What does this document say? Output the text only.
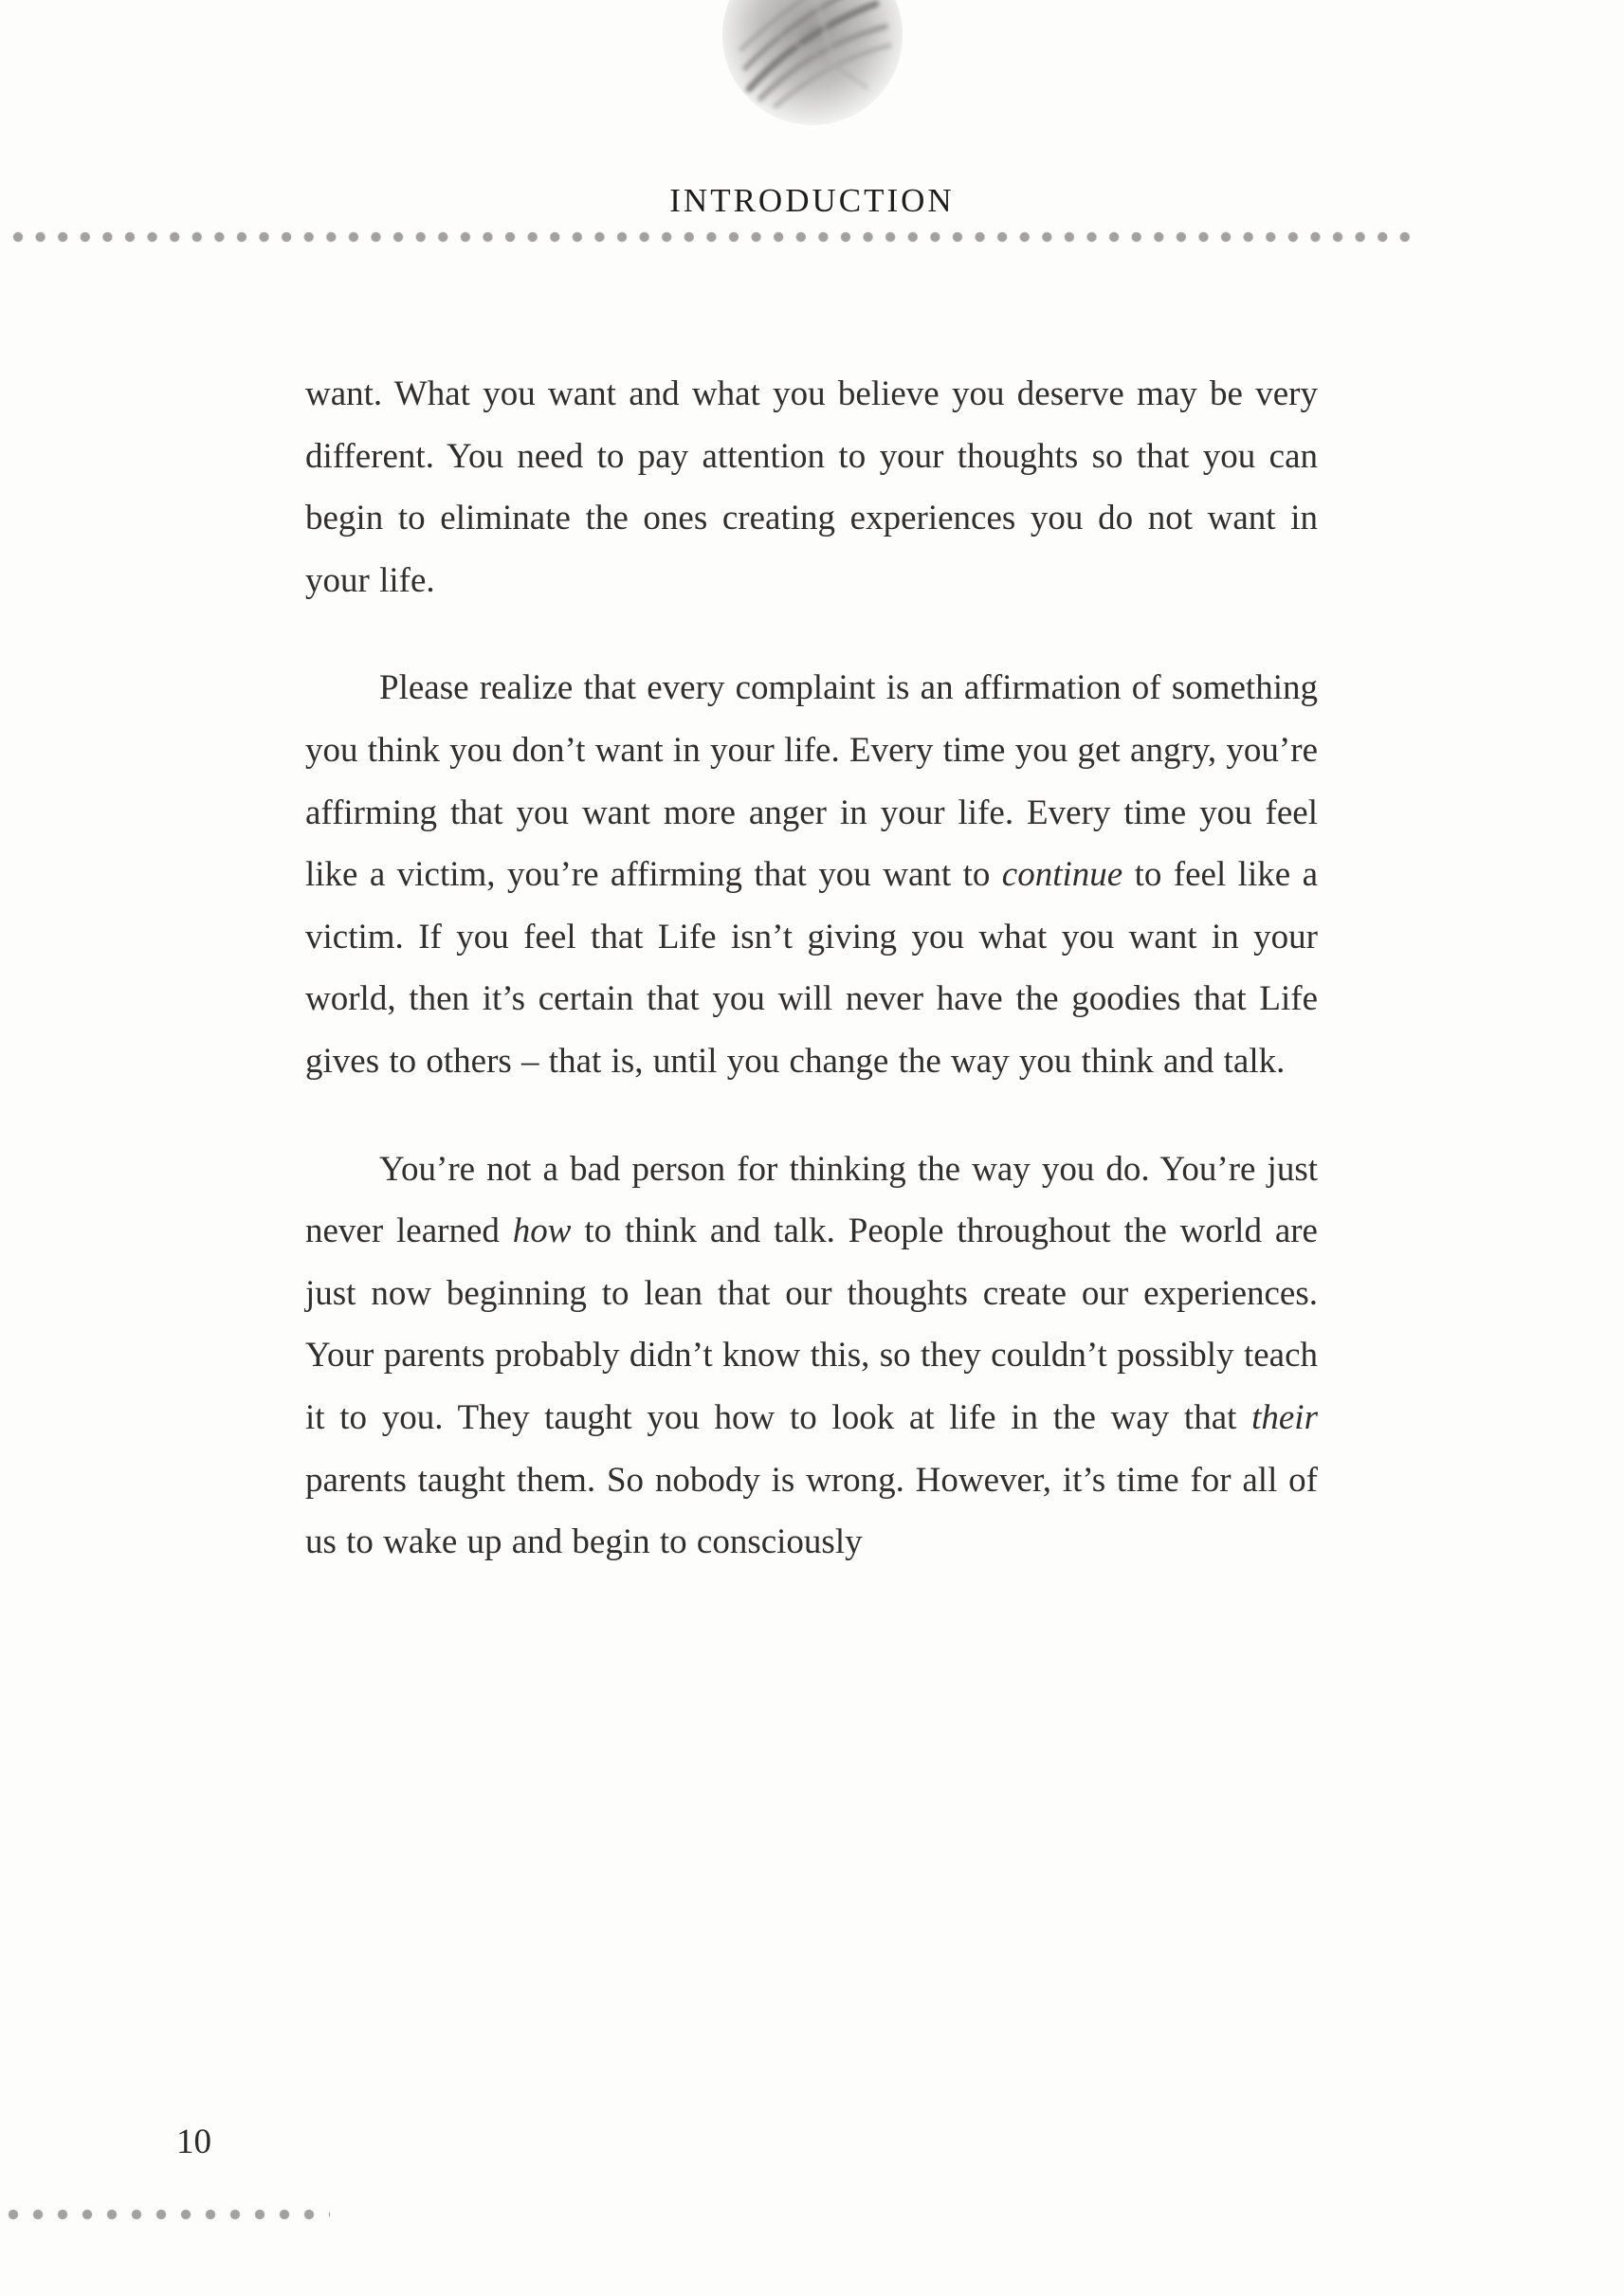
INTRODUCTION

want. What you want and what you believe you deserve may be very different. You need to pay attention to your thoughts so that you can begin to eliminate the ones creating experiences you do not want in your life.

Please realize that every complaint is an affirmation of something you think you don’t want in your life. Every time you get angry, you’re affirming that you want more anger in your life. Every time you feel like a victim, you’re affirming that you want to continue to feel like a victim. If you feel that Life isn’t giving you what you want in your world, then it’s certain that you will never have the goodies that Life gives to others – that is, until you change the way you think and talk.

You’re not a bad person for thinking the way you do. You’re just never learned how to think and talk. People throughout the world are just now beginning to lean that our thoughts create our experiences. Your parents probably didn’t know this, so they couldn’t possibly teach it to you. They taught you how to look at life in the way that their parents taught them. So nobody is wrong. However, it’s time for all of us to wake up and begin to consciously

10
